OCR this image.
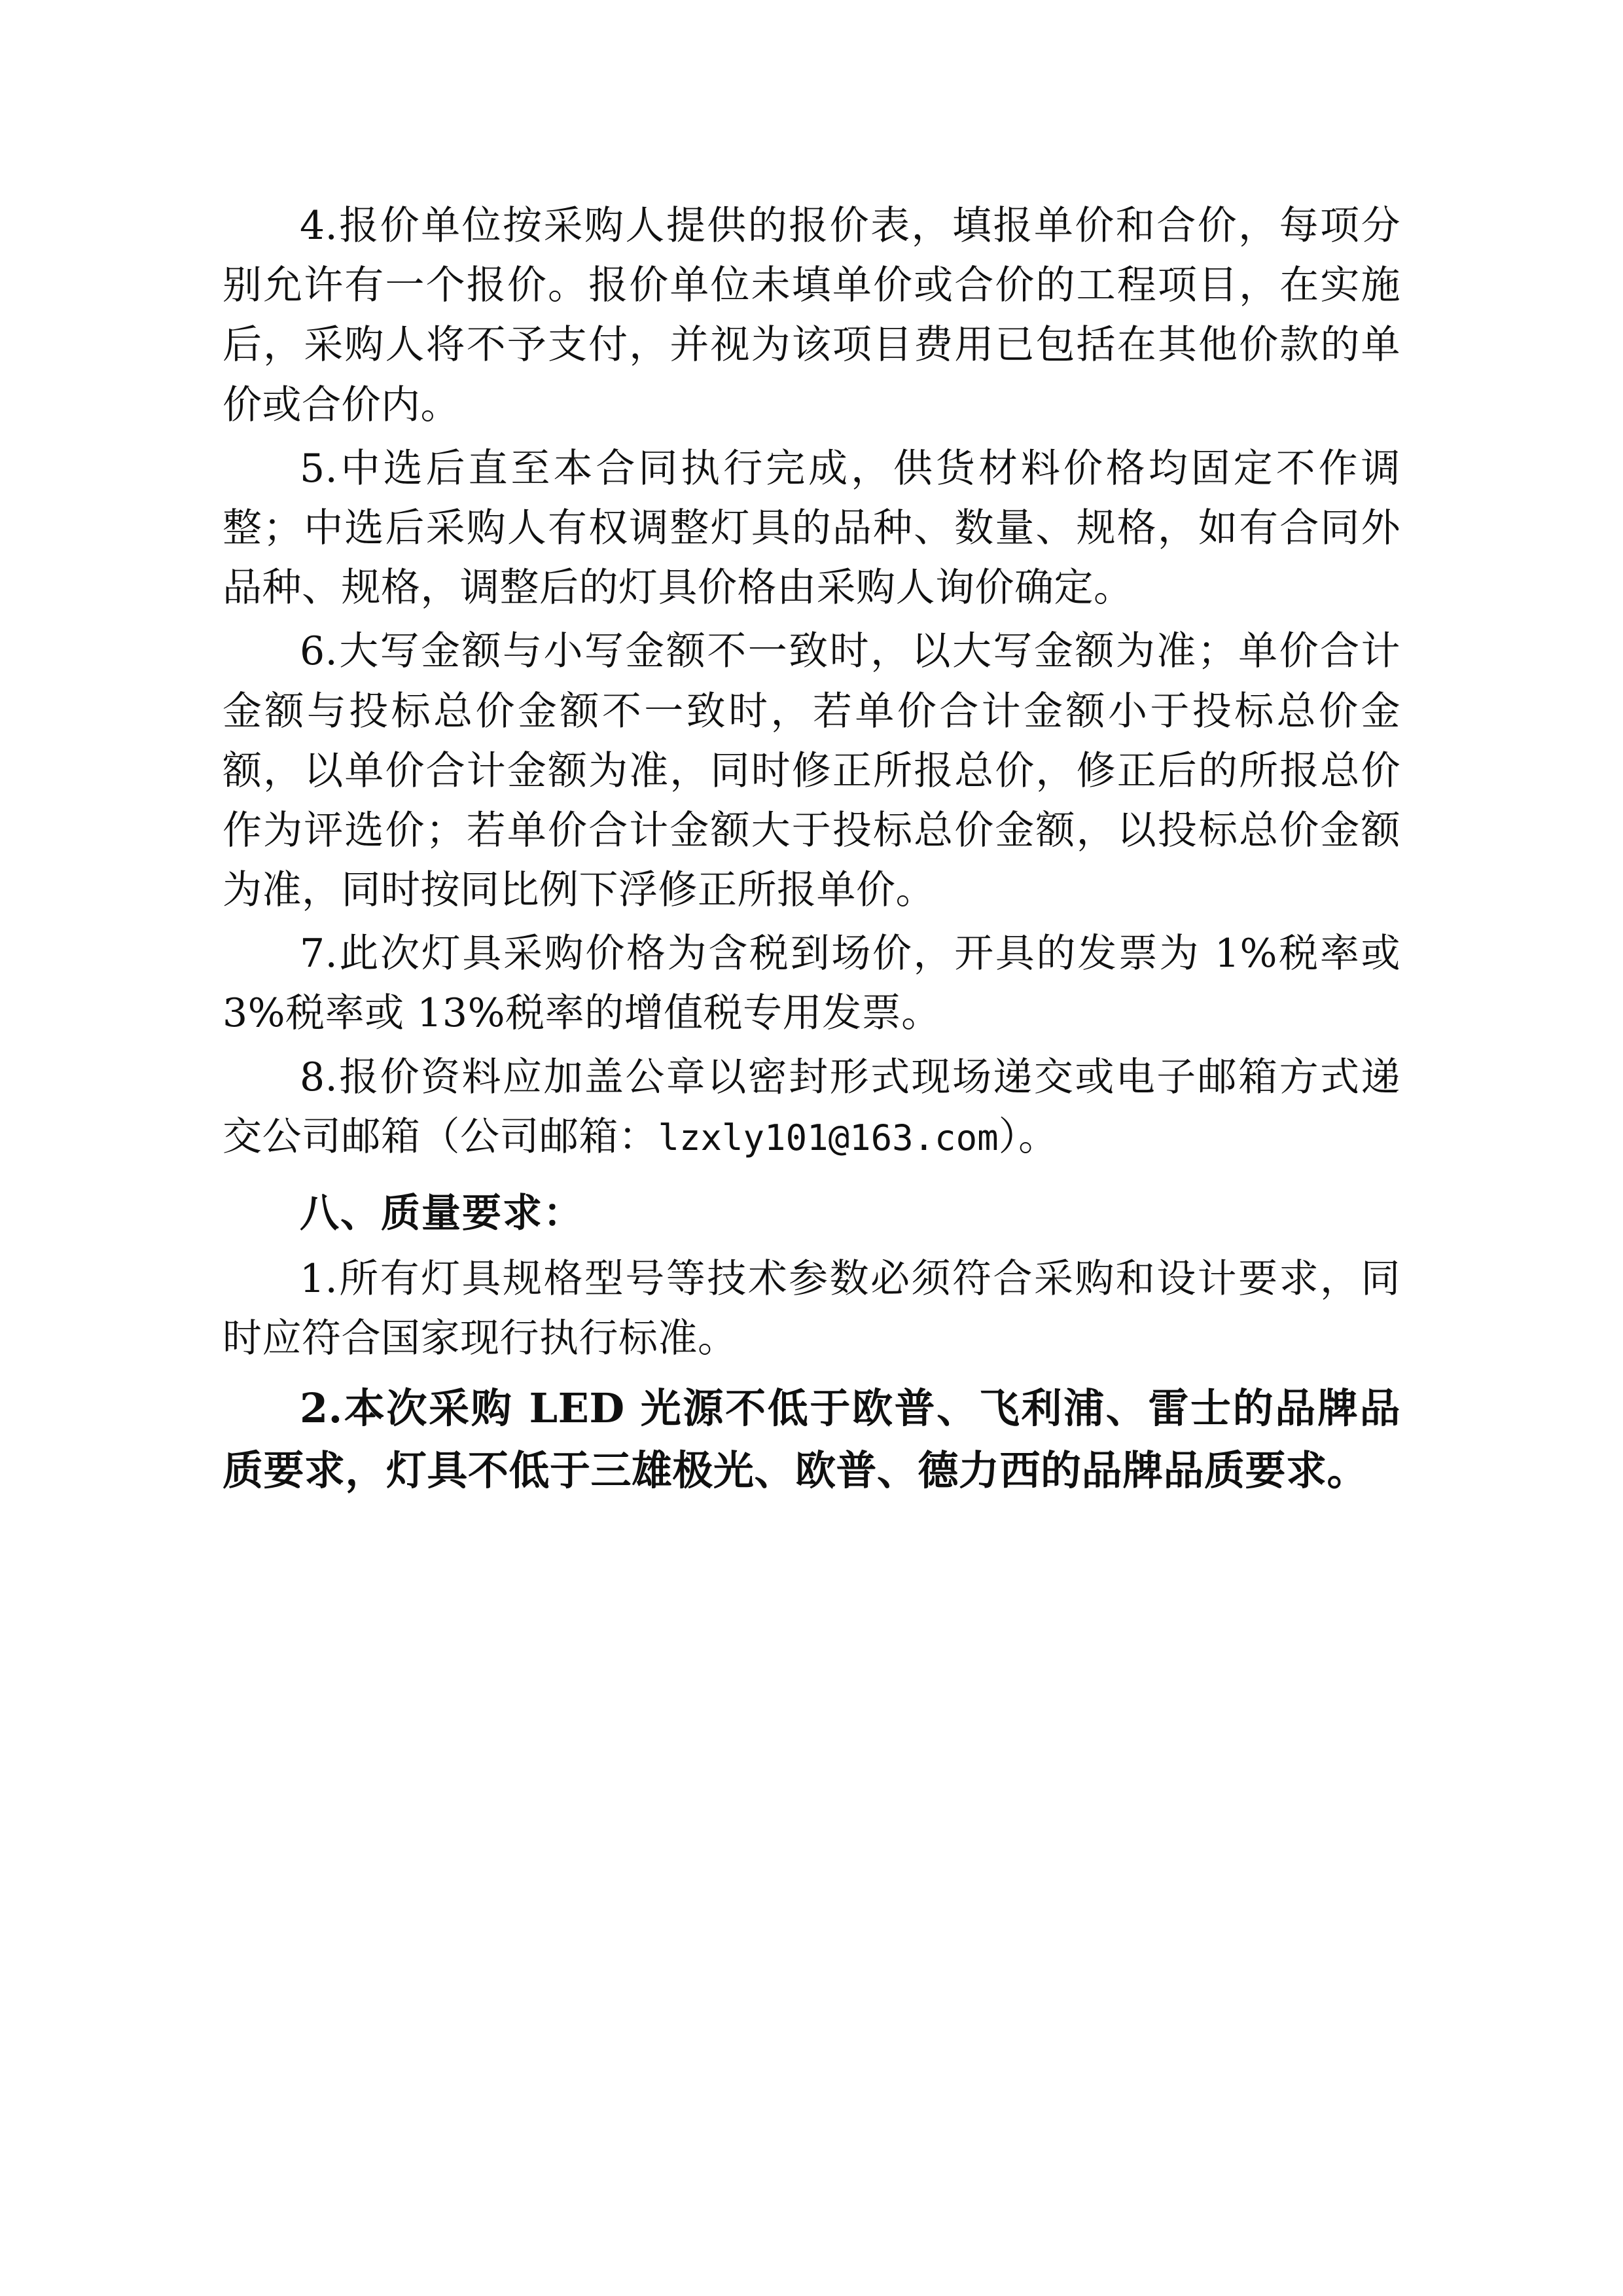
4.报价单位按采购人提供的报价表，填报单价和合价，每项分别允许有一个报价。报价单位未填单价或合价的工程项目，在实施后，采购人将不予支付，并视为该项目费用已包括在其他价款的单价或合价内。

5.中选后直至本合同执行完成，供货材料价格均固定不作调整；中选后采购人有权调整灯具的品种、数量、规格，如有合同外品种、规格，调整后的灯具价格由采购人询价确定。

6.大写金额与小写金额不一致时，以大写金额为准；单价合计金额与投标总价金额不一致时，若单价合计金额小于投标总价金额，以单价合计金额为准，同时修正所报总价，修正后的所报总价作为评选价；若单价合计金额大于投标总价金额，以投标总价金额为准，同时按同比例下浮修正所报单价。

7.此次灯具采购价格为含税到场价，开具的发票为 1%税率或 3%税率或 13%税率的增值税专用发票。

8.报价资料应加盖公章以密封形式现场递交或电子邮箱方式递交公司邮箱（公司邮箱：lzxly101@163.com）。

八、质量要求：

1.所有灯具规格型号等技术参数必须符合采购和设计要求，同时应符合国家现行执行标准。

2.本次采购 LED 光源不低于欧普、飞利浦、雷士的品牌品质要求，灯具不低于三雄极光、欧普、德力西的品牌品质要求。
